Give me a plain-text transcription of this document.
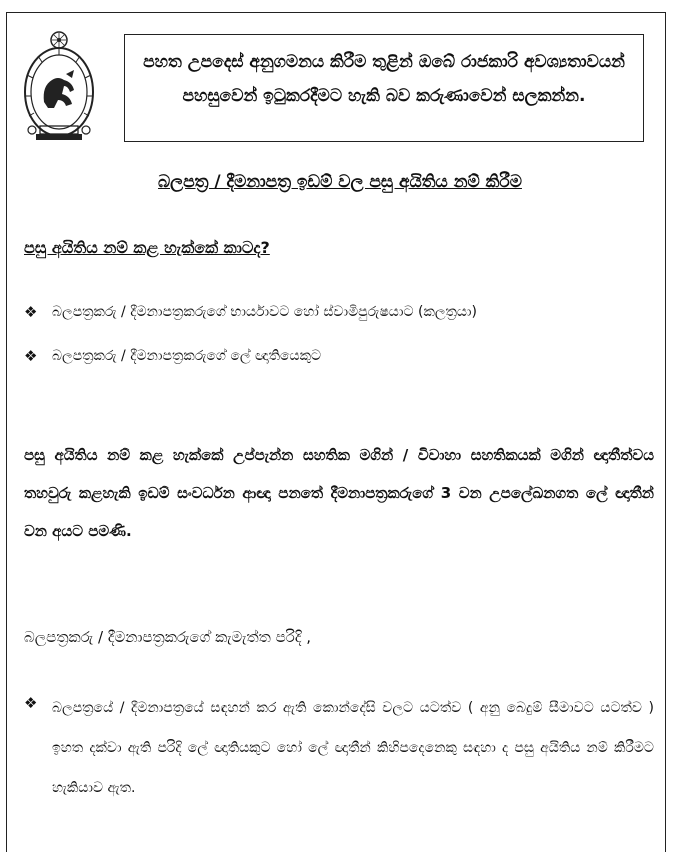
පහත උපදෙස් අනුගමනය කිරීම තුළින් ඔබේ රාජකාරි අවශ්‍යතාවයන් පහසුවෙන් ඉටුකරදීමට හැකි බව කරුණාවෙන් සලකන්න.
බලපත්‍ර / දීමනාපත්‍ර ඉඩම් වල පසු අයිතිය නම් කිරීම
පසු අයිතිය නම් කළ හැක්කේ කාටද?
❖	බලපත්‍රකරු / දීමනාපත්‍රකරුගේ භාර්යාවට හෝ ස්වාමිපුරුෂයාට (කලත්‍රයා)
❖	බලපත්‍රකරු / දීමනාපත්‍රකරුගේ ලේ ඥාතියෙකුට
පසු අයිතිය නම් කළ හැක්කේ උප්පැන්න සහතික මගින් / විවාහා සහතිකයක් මගින් ඥාතීත්වය තහවුරු කළහැකි ඉඩම් සංවර්ධන ආඥා පනතේ දීමනාපත්‍රකරුගේ 3 වන උපලේඛනගත ලේ ඥාතීන් වන අයට පමණි.
බලපත්‍රකරු / දීමනාපත්‍රකරුගේ කැමැත්ත පරිදි ,
❖	බලපත්‍රයේ / දීමනාපත්‍රයේ සඳහන් කර ඇති කොන්දේසි වලට යටත්ව ( අනු බෙදුම් සීමාවට යටත්ව ) ඉහත දක්වා ඇති පරිදි ලේ ඥාතියකුට හෝ ලේ ඥාතීන් කිහිපදෙනෙකු සඳහා ද පසු අයිතිය නම් කිරීමට හැකියාව ඇත.
